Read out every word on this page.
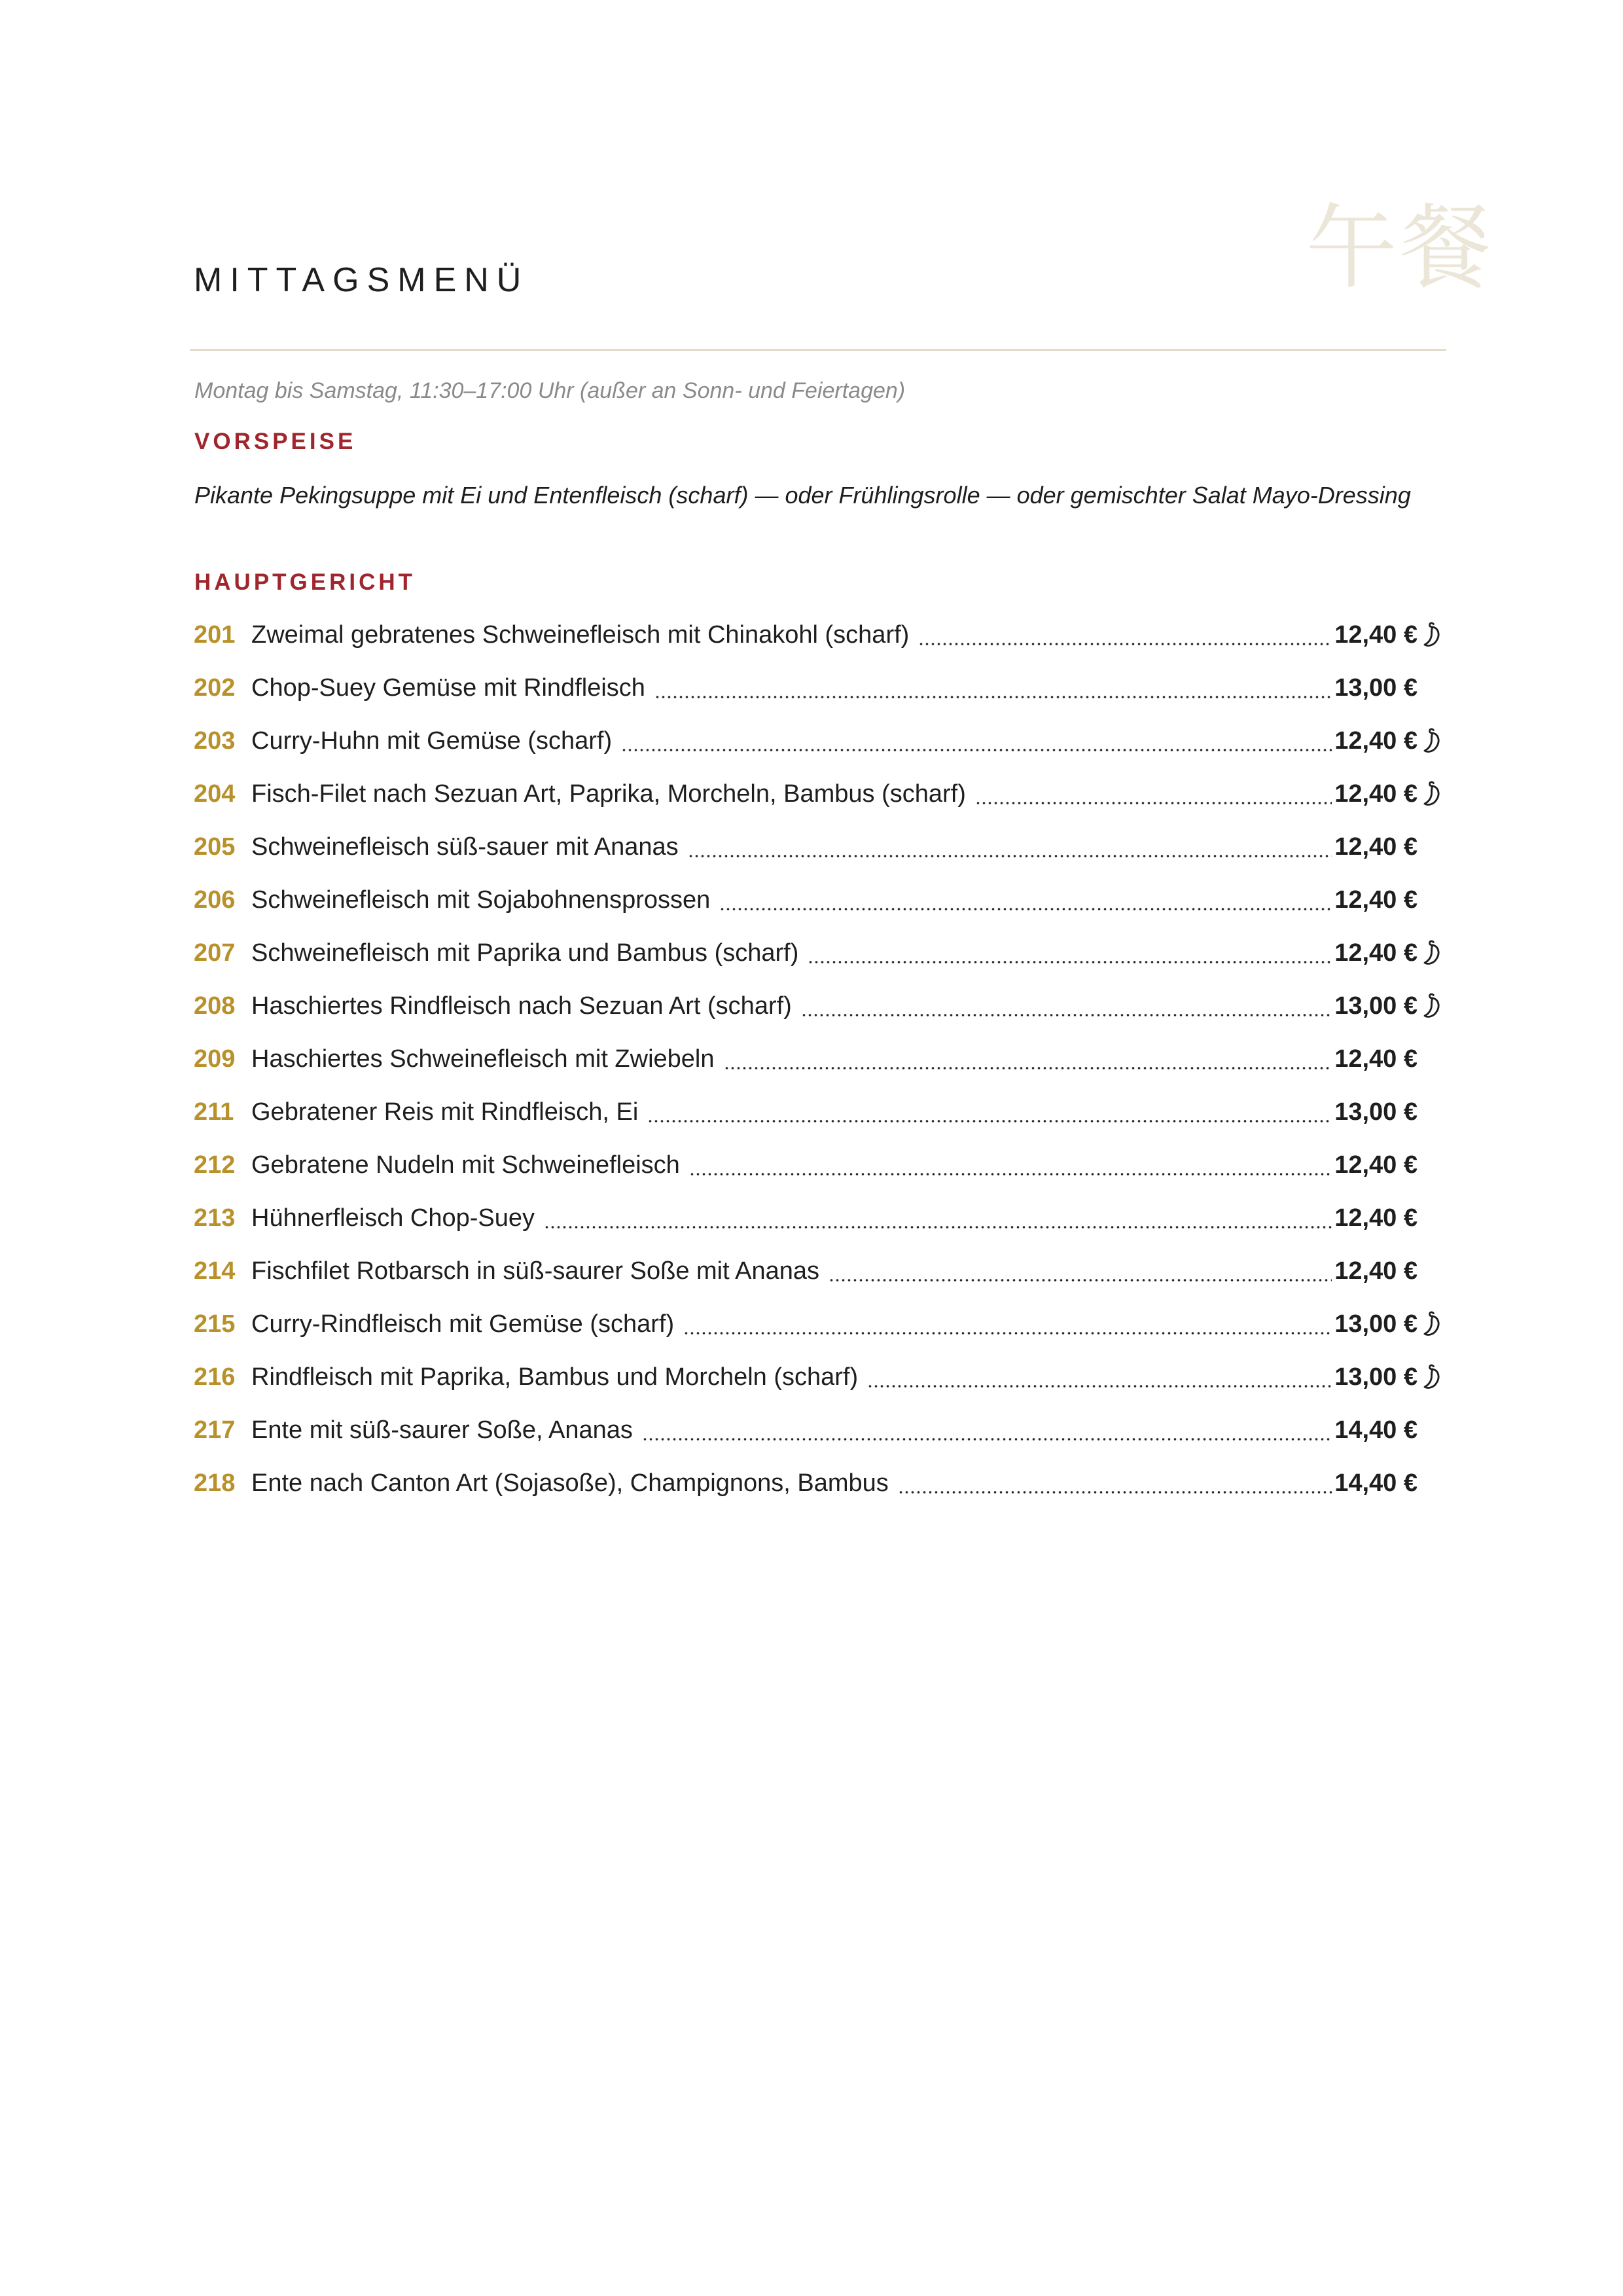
午餐
MITTAGSMENÜ
Montag bis Samstag, 11:30–17:00 Uhr (außer an Sonn- und Feiertagen)
VORSPEISE
Pikante Pekingsuppe mit Ei und Entenfleisch (scharf) — oder Frühlingsrolle — oder gemischter Salat Mayo-Dressing
HAUPTGERICHT
201 Zweimal gebratenes Schweinefleisch mit Chinakohl (scharf)	12,40 €
202 Chop-Suey Gemüse mit Rindfleisch	13,00 €
203 Curry-Huhn mit Gemüse (scharf)	12,40 €
204 Fisch-Filet nach Sezuan Art, Paprika, Morcheln, Bambus (scharf)	12,40 €
205 Schweinefleisch süß-sauer mit Ananas	12,40 €
206 Schweinefleisch mit Sojabohnensprossen	12,40 €
207 Schweinefleisch mit Paprika und Bambus (scharf)	12,40 €
208 Haschiertes Rindfleisch nach Sezuan Art (scharf)	13,00 €
209 Haschiertes Schweinefleisch mit Zwiebeln	12,40 €
211 Gebratener Reis mit Rindfleisch, Ei	13,00 €
212 Gebratene Nudeln mit Schweinefleisch	12,40 €
213 Hühnerfleisch Chop-Suey	12,40 €
214 Fischfilet Rotbarsch in süß-saurer Soße mit Ananas	12,40 €
215 Curry-Rindfleisch mit Gemüse (scharf)	13,00 €
216 Rindfleisch mit Paprika, Bambus und Morcheln (scharf)	13,00 €
217 Ente mit süß-saurer Soße, Ananas	14,40 €
218 Ente nach Canton Art (Sojasoße), Champignons, Bambus	14,40 €
